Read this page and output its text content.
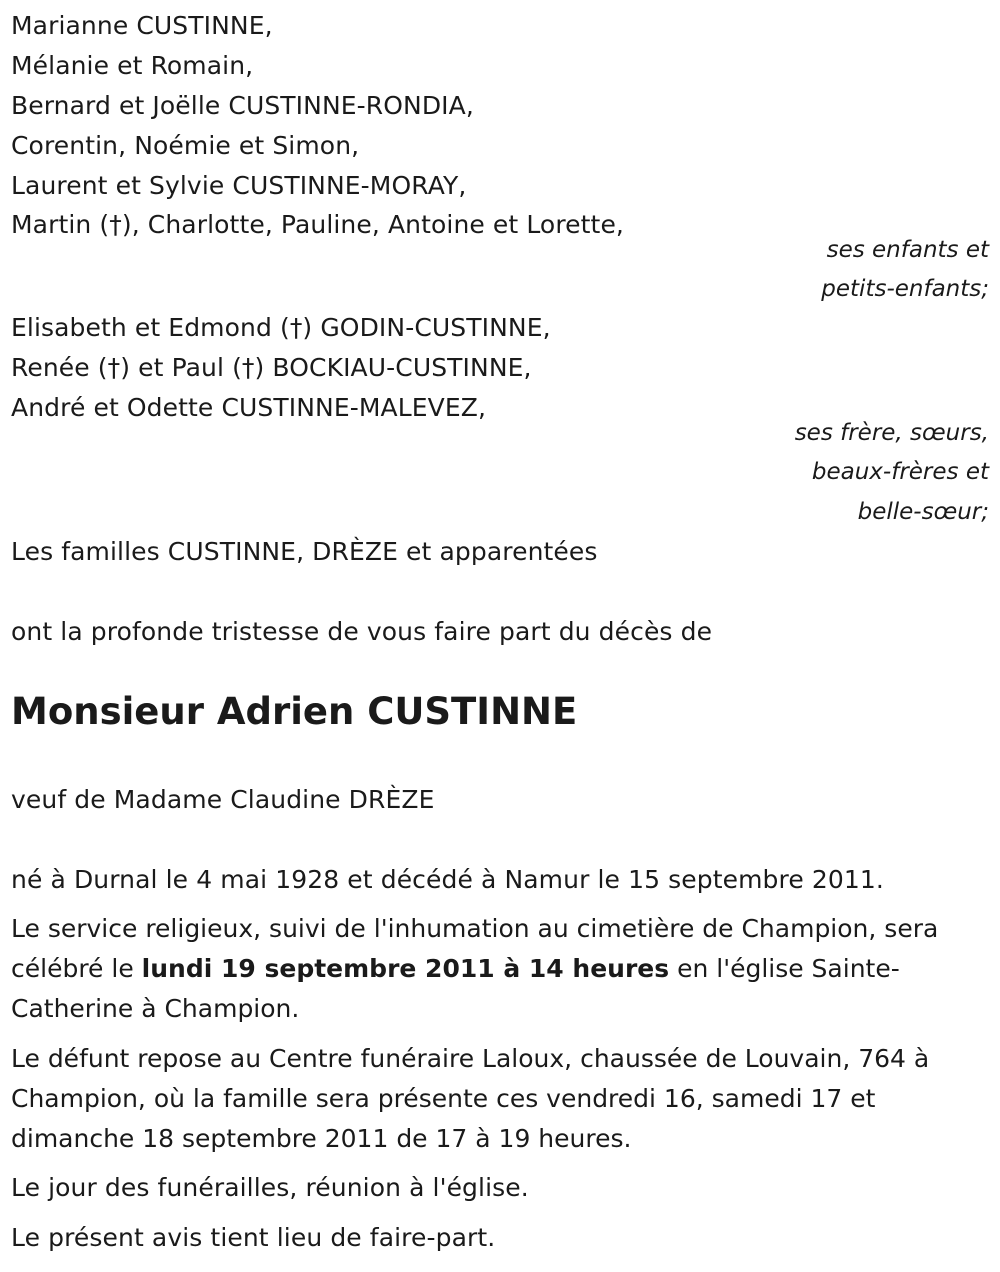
Marianne CUSTINNE,
Mélanie et Romain,
Bernard et Joëlle CUSTINNE-RONDIA,
Corentin, Noémie et Simon,
Laurent et Sylvie CUSTINNE-MORAY,
Martin (†), Charlotte, Pauline, Antoine et Lorette,
ses enfants et
petits-enfants;
Elisabeth et Edmond (†) GODIN-CUSTINNE,
Renée (†) et Paul (†) BOCKIAU-CUSTINNE,
André et Odette CUSTINNE-MALEVEZ,
ses frère, sœurs,
beaux-frères et
belle-sœur;
Les familles CUSTINNE, DRÈZE et apparentées
ont la profonde tristesse de vous faire part du décès de
Monsieur Adrien CUSTINNE
veuf de Madame Claudine DRÈZE
né à Durnal le 4 mai 1928 et décédé à Namur le 15 septembre 2011.
Le service religieux, suivi de l'inhumation au cimetière de Champion, sera célébré le lundi 19 septembre 2011 à 14 heures en l'église Sainte-Catherine à Champion.
Le défunt repose au Centre funéraire Laloux, chaussée de Louvain, 764 à Champion, où la famille sera présente ces vendredi 16, samedi 17 et dimanche 18 septembre 2011 de 17 à 19 heures.
Le jour des funérailles, réunion à l'église.
Le présent avis tient lieu de faire-part.
